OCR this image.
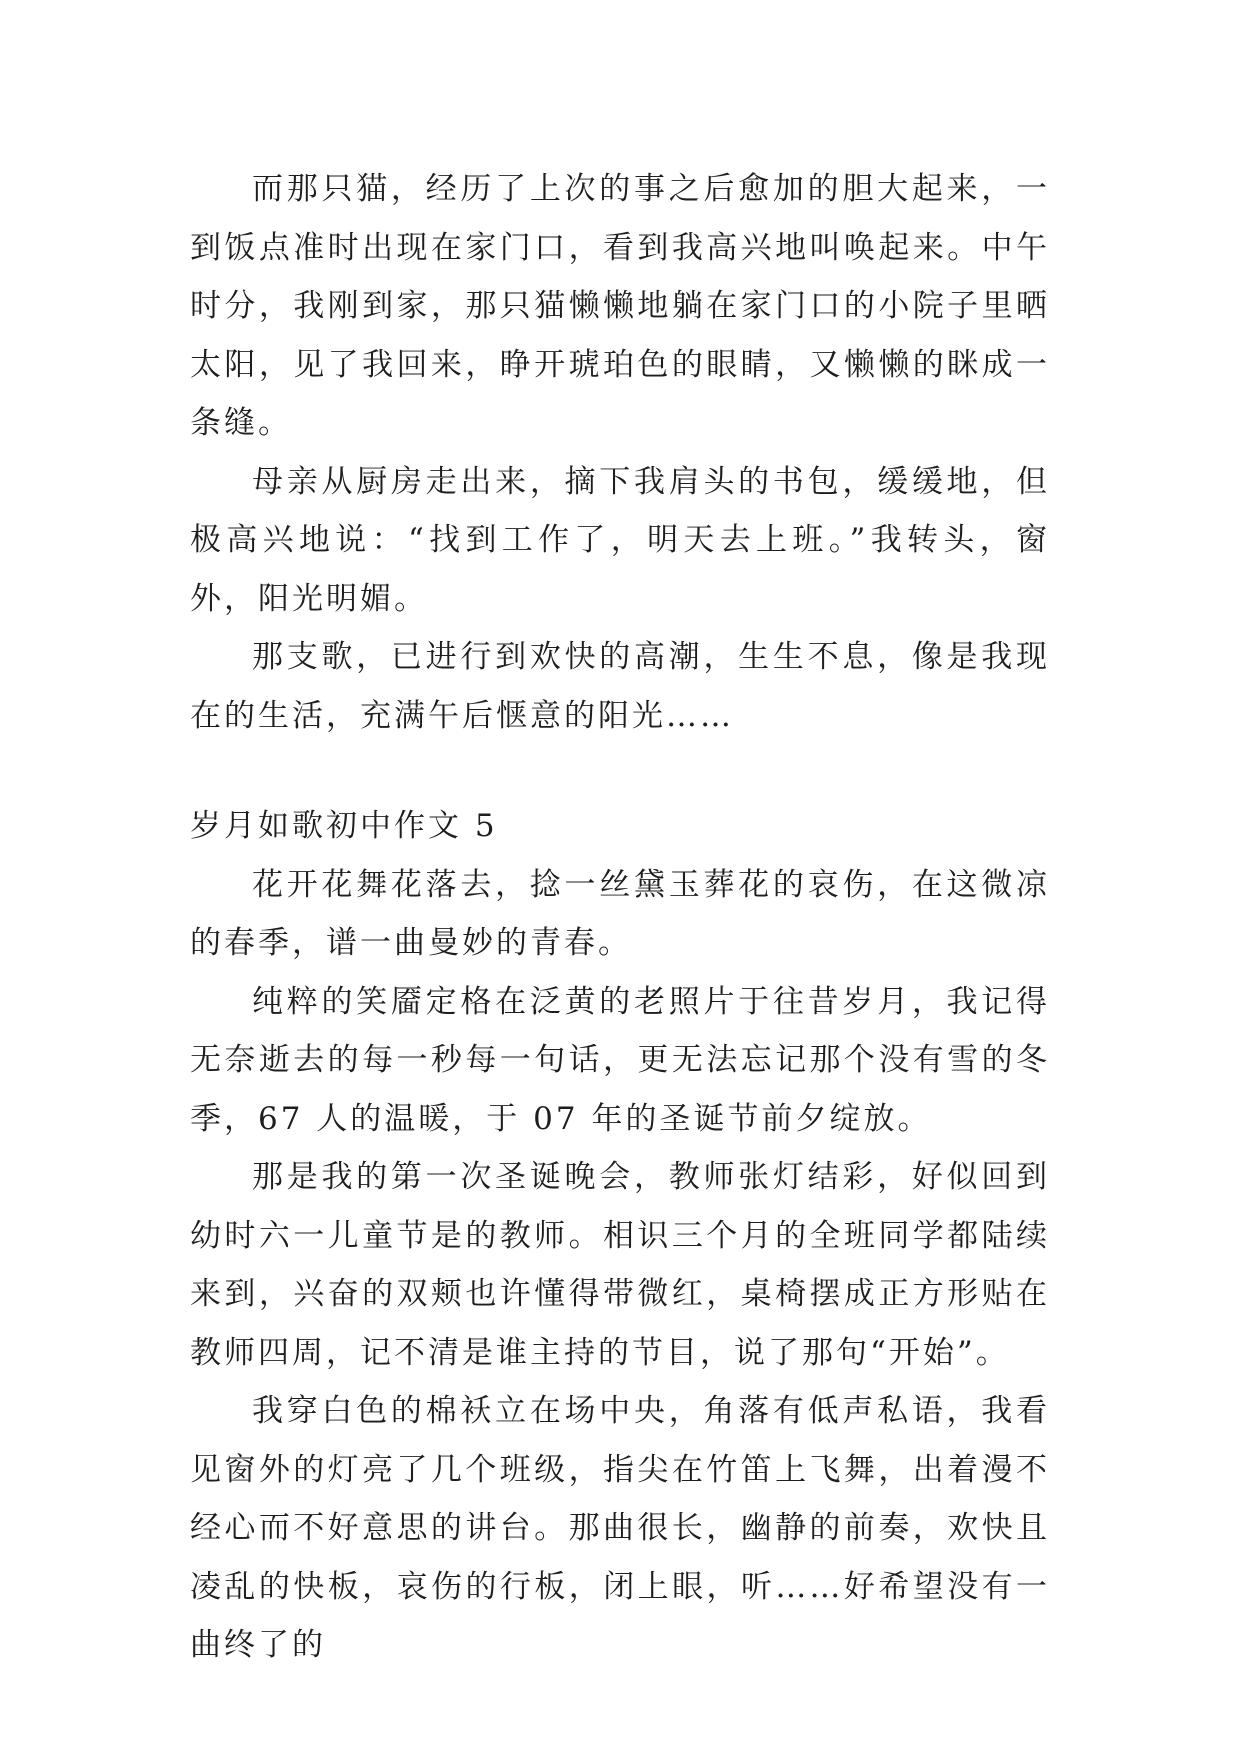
而那只猫，经历了上次的事之后愈加的胆大起来，一到饭点准时出现在家门口，看到我高兴地叫唤起来。中午时分，我刚到家，那只猫懒懒地躺在家门口的小院子里晒太阳，见了我回来，睁开琥珀色的眼睛，又懒懒的眯成一条缝。

母亲从厨房走出来，摘下我肩头的书包，缓缓地，但极高兴地说：“找到工作了，明天去上班。”我转头，窗外，阳光明媚。

那支歌，已进行到欢快的高潮，生生不息，像是我现在的生活，充满午后惬意的阳光……

岁月如歌初中作文 5

花开花舞花落去，捻一丝黛玉葬花的哀伤，在这微凉的春季，谱一曲曼妙的青春。

纯粹的笑靥定格在泛黄的老照片于往昔岁月，我记得无奈逝去的每一秒每一句话，更无法忘记那个没有雪的冬季，67 人的温暖，于 07 年的圣诞节前夕绽放。

那是我的第一次圣诞晚会，教师张灯结彩，好似回到幼时六一儿童节是的教师。相识三个月的全班同学都陆续来到，兴奋的双颊也许懂得带微红，桌椅摆成正方形贴在教师四周，记不清是谁主持的节目，说了那句“开始”。

我穿白色的棉袄立在场中央，角落有低声私语，我看见窗外的灯亮了几个班级，指尖在竹笛上飞舞，出着漫不经心而不好意思的讲台。那曲很长，幽静的前奏，欢快且凌乱的快板，哀伤的行板，闭上眼，听……好希望没有一曲终了的
